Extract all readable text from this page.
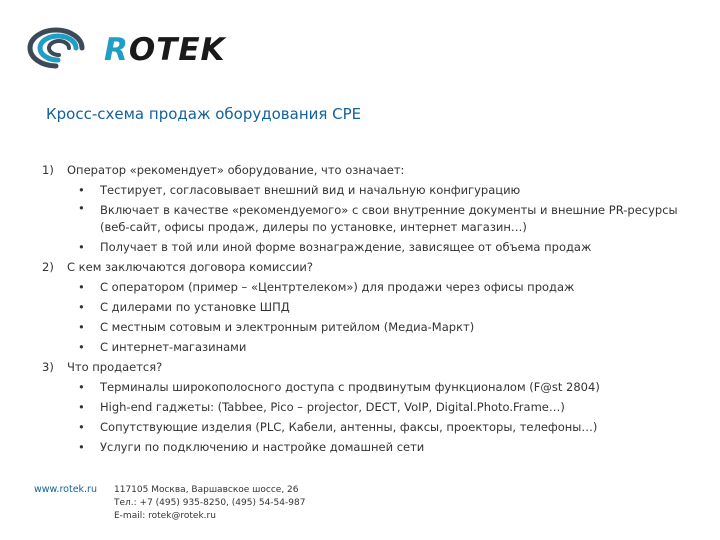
ROTEK
Кросс-схема продаж оборудования CPE
1) Оператор «рекомендует» оборудование, что означает:
• Тестирует, согласовывает внешний вид и начальную конфигурацию
• Включает в качестве «рекомендуемого» с свои внутренние документы и внешние PR-ресурсы (веб-сайт, офисы продаж, дилеры по установке, интернет магазин…)
• Получает в той или иной форме вознаграждение, зависящее от объема продаж
2) С кем заключаются договора комиссии?
• С оператором (пример – «Центртелеком») для продажи через офисы продаж
• С дилерами по установке ШПД
• С местным сотовым и электронным ритейлом (Медиа-Маркт)
• С интернет-магазинами
3) Что продается?
• Терминалы широкополосного доступа с продвинутым функционалом (F@st 2804)
• High-end гаджеты: (Tabbee, Pico – projector, DECT, VoIP, Digital.Photo.Frame…)
• Сопутствующие изделия (PLC, Кабели, антенны, факсы, проекторы, телефоны…)
• Услуги по подключению и настройке домашней сети
www.rotek.ru 117105 Москва, Варшавское шоссе, 26
Тел.: +7 (495) 935-8250, (495) 54-54-987
E-mail: rotek@rotek.ru
